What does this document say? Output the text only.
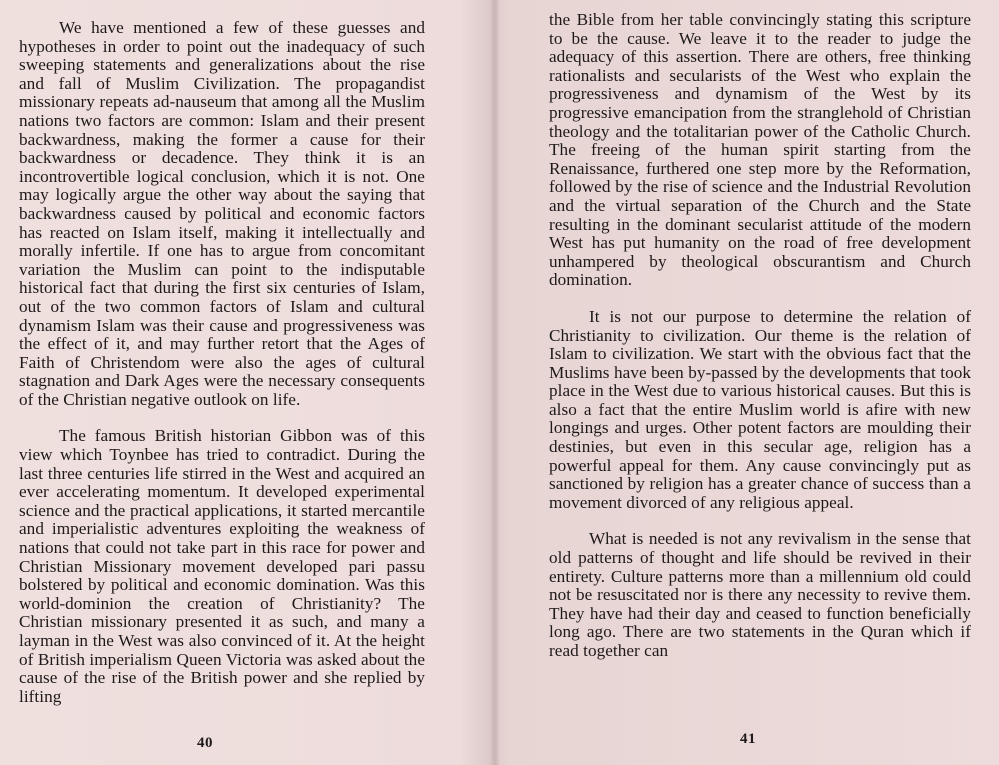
We have mentioned a few of these guesses and hypotheses in order to point out the inadequacy of such sweeping statements and generalizations about the rise and fall of Muslim Civilization. The propagandist missionary repeats ad-nauseum that among all the Muslim nations two factors are common: Islam and their present backwardness, making the former a cause for their backwardness or decadence. They think it is an incontrovertible logical conclusion, which it is not. One may logically argue the other way about the saying that backwardness caused by political and economic factors has reacted on Islam itself, making it intellectually and morally infertile. If one has to argue from concomitant variation the Muslim can point to the indisputable historical fact that during the first six centuries of Islam, out of the two common factors of Islam and cultural dynamism Islam was their cause and progressiveness was the effect of it, and may further retort that the Ages of Faith of Christendom were also the ages of cultural stagnation and Dark Ages were the necessary consequents of the Christian negative outlook on life.

The famous British historian Gibbon was of this view which Toynbee has tried to contradict. During the last three centuries life stirred in the West and acquired an ever accelerating momentum. It developed experimental science and the practical applications, it started mercantile and imperialistic adventures exploiting the weakness of nations that could not take part in this race for power and Christian Missionary movement developed pari passu bolstered by political and economic domination. Was this world-dominion the creation of Christianity? The Christian missionary presented it as such, and many a layman in the West was also convinced of it. At the height of British imperialism Queen Victoria was asked about the cause of the rise of the British power and she replied by lifting

40

the Bible from her table convincingly stating this scripture to be the cause. We leave it to the reader to judge the adequacy of this assertion. There are others, free thinking rationalists and secularists of the West who explain the progressiveness and dynamism of the West by its progressive emancipation from the stranglehold of Christian theology and the totalitarian power of the Catholic Church. The freeing of the human spirit starting from the Renaissance, furthered one step more by the Reformation, followed by the rise of science and the Industrial Revolution and the virtual separation of the Church and the State resulting in the dominant secularist attitude of the modern West has put humanity on the road of free development unhampered by theological obscurantism and Church domination.

It is not our purpose to determine the relation of Christianity to civilization. Our theme is the relation of Islam to civilization. We start with the obvious fact that the Muslims have been by-passed by the developments that took place in the West due to various historical causes. But this is also a fact that the entire Muslim world is afire with new longings and urges. Other potent factors are moulding their destinies, but even in this secular age, religion has a powerful appeal for them. Any cause convincingly put as sanctioned by religion has a greater chance of success than a movement divorced of any religious appeal.

What is needed is not any revivalism in the sense that old patterns of thought and life should be revived in their entirety. Culture patterns more than a millennium old could not be resuscitated nor is there any necessity to revive them. They have had their day and ceased to function beneficially long ago. There are two statements in the Quran which if read together can

41
